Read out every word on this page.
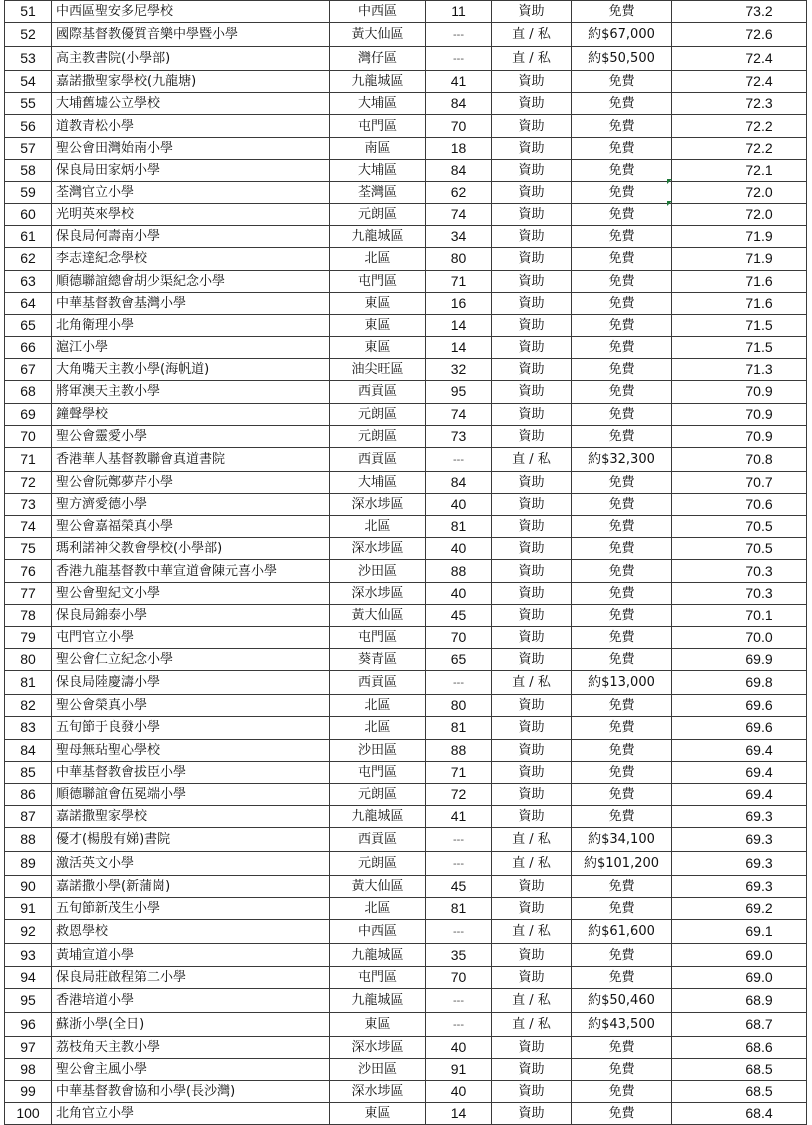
51	中西區聖安多尼學校	中西區	11	資助	免費	73.2
52	國際基督教優質音樂中學暨小學	黃大仙區	---	直 / 私	約$67,000	72.6
53	高主教書院(小學部)	灣仔區	---	直 / 私	約$50,500	72.4
54	嘉諾撒聖家學校(九龍塘)	九龍城區	41	資助	免費	72.4
55	大埔舊墟公立學校	大埔區	84	資助	免費	72.3
56	道教青松小學	屯門區	70	資助	免費	72.2
57	聖公會田灣始南小學	南區	18	資助	免費	72.2
58	保良局田家炳小學	大埔區	84	資助	免費	72.1
59	荃灣官立小學	荃灣區	62	資助	免費	72.0
60	光明英來學校	元朗區	74	資助	免費	72.0
61	保良局何壽南小學	九龍城區	34	資助	免費	71.9
62	李志達紀念學校	北區	80	資助	免費	71.9
63	順德聯誼總會胡少渠紀念小學	屯門區	71	資助	免費	71.6
64	中華基督教會基灣小學	東區	16	資助	免費	71.6
65	北角衛理小學	東區	14	資助	免費	71.5
66	滬江小學	東區	14	資助	免費	71.5
67	大角嘴天主教小學(海帆道)	油尖旺區	32	資助	免費	71.3
68	將軍澳天主教小學	西貢區	95	資助	免費	70.9
69	鐘聲學校	元朗區	74	資助	免費	70.9
70	聖公會靈愛小學	元朗區	73	資助	免費	70.9
71	香港華人基督教聯會真道書院	西貢區	---	直 / 私	約$32,300	70.8
72	聖公會阮鄭夢芹小學	大埔區	84	資助	免費	70.7
73	聖方濟愛德小學	深水埗區	40	資助	免費	70.6
74	聖公會嘉福榮真小學	北區	81	資助	免費	70.5
75	瑪利諾神父教會學校(小學部)	深水埗區	40	資助	免費	70.5
76	香港九龍基督教中華宣道會陳元喜小學	沙田區	88	資助	免費	70.3
77	聖公會聖紀文小學	深水埗區	40	資助	免費	70.3
78	保良局錦泰小學	黃大仙區	45	資助	免費	70.1
79	屯門官立小學	屯門區	70	資助	免費	70.0
80	聖公會仁立紀念小學	葵青區	65	資助	免費	69.9
81	保良局陸慶濤小學	西貢區	---	直 / 私	約$13,000	69.8
82	聖公會榮真小學	北區	80	資助	免費	69.6
83	五旬節于良發小學	北區	81	資助	免費	69.6
84	聖母無玷聖心學校	沙田區	88	資助	免費	69.4
85	中華基督教會拔臣小學	屯門區	71	資助	免費	69.4
86	順德聯誼會伍冕端小學	元朗區	72	資助	免費	69.4
87	嘉諾撒聖家學校	九龍城區	41	資助	免費	69.3
88	優才(楊殷有娣)書院	西貢區	---	直 / 私	約$34,100	69.3
89	激活英文小學	元朗區	---	直 / 私	約$101,200	69.3
90	嘉諾撒小學(新蒲崗)	黃大仙區	45	資助	免費	69.3
91	五旬節新茂生小學	北區	81	資助	免費	69.2
92	救恩學校	中西區	---	直 / 私	約$61,600	69.1
93	黃埔宣道小學	九龍城區	35	資助	免費	69.0
94	保良局莊啟程第二小學	屯門區	70	資助	免費	69.0
95	香港培道小學	九龍城區	---	直 / 私	約$50,460	68.9
96	蘇浙小學(全日)	東區	---	直 / 私	約$43,500	68.7
97	荔枝角天主教小學	深水埗區	40	資助	免費	68.6
98	聖公會主風小學	沙田區	91	資助	免費	68.5
99	中華基督教會協和小學(長沙灣)	深水埗區	40	資助	免費	68.5
100	北角官立小學	東區	14	資助	免費	68.4
